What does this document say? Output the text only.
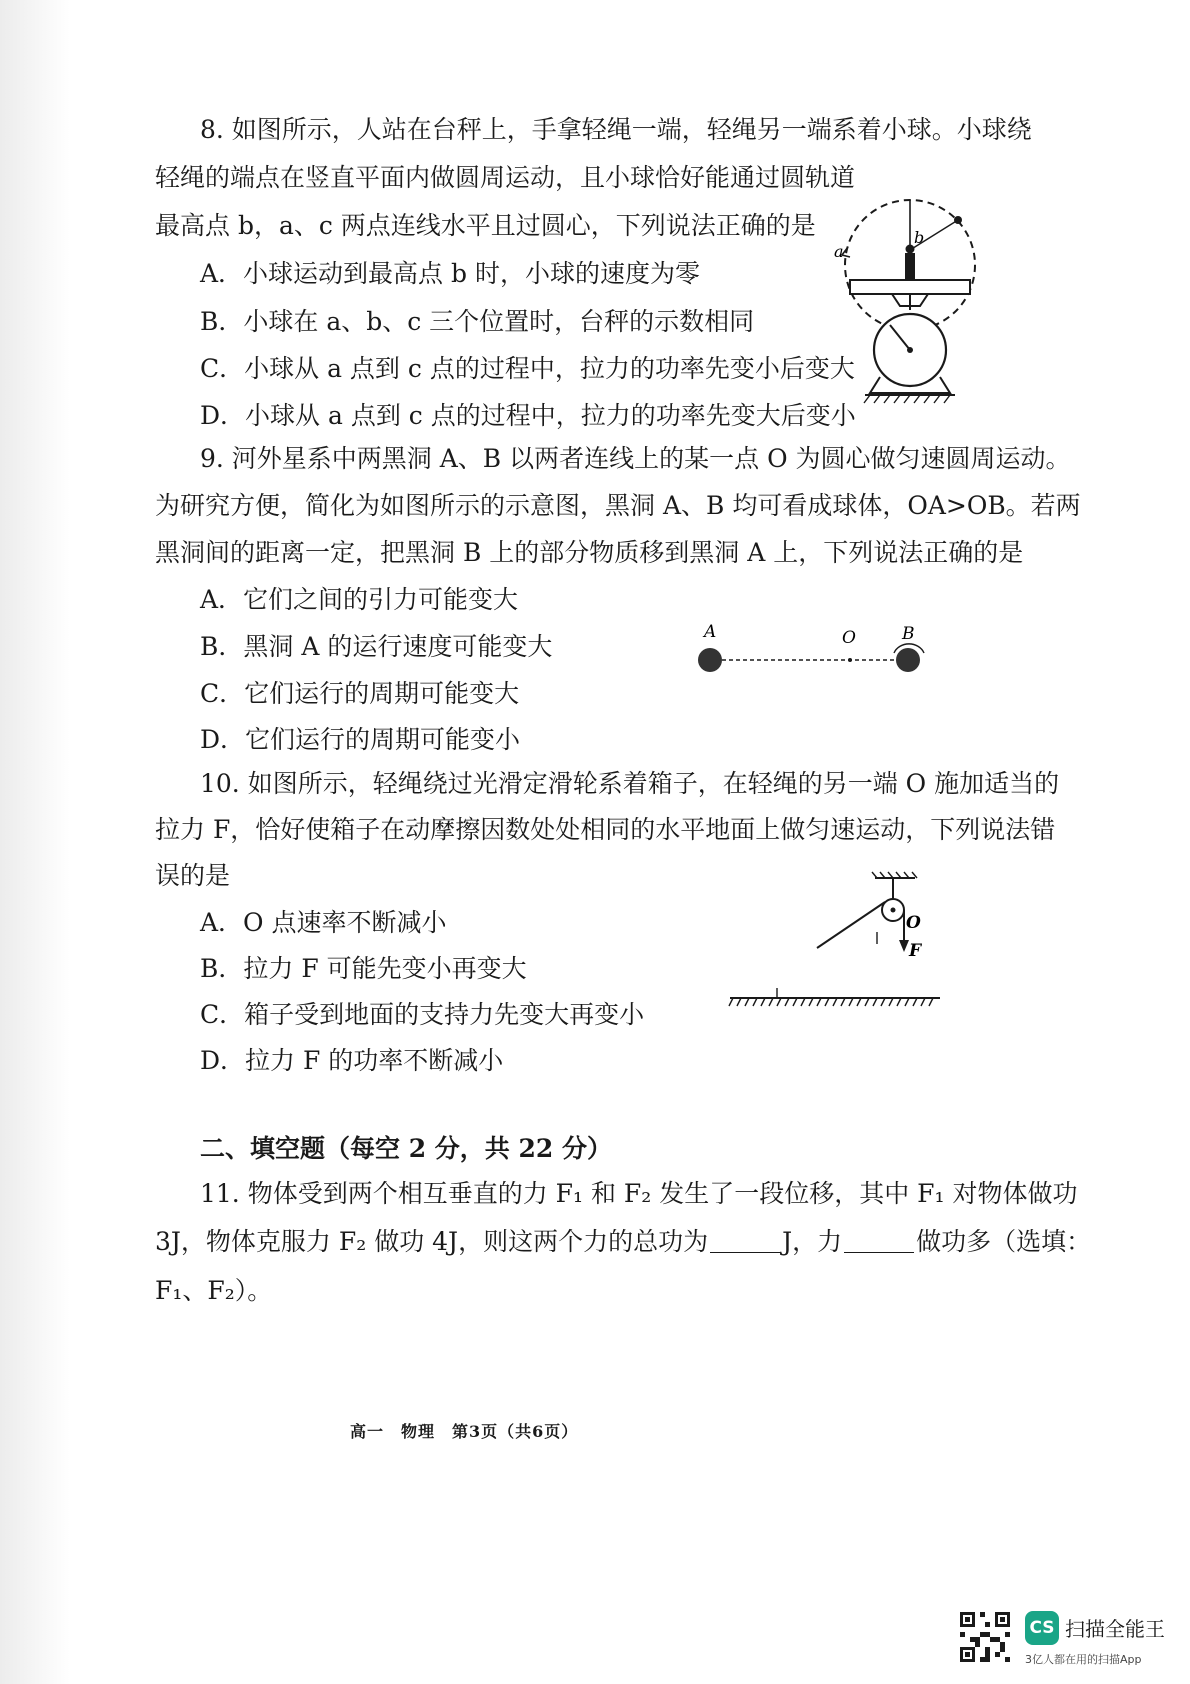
8. 如图所示，人站在台秤上，手拿轻绳一端，轻绳另一端系着小球。小球绕
轻绳的端点在竖直平面内做圆周运动，且小球恰好能通过圆轨道
最高点 b，a、c 两点连线水平且过圆心，下列说法正确的是
A．小球运动到最高点 b 时，小球的速度为零
B．小球在 a、b、c 三个位置时，台秤的示数相同
C．小球从 a 点到 c 点的过程中，拉力的功率先变小后变大
D．小球从 a 点到 c 点的过程中，拉力的功率先变大后变小
a
b
9. 河外星系中两黑洞 A、B 以两者连线上的某一点 O 为圆心做匀速圆周运动。
为研究方便，简化为如图所示的示意图，黑洞 A、B 均可看成球体，OA>OB。若两
黑洞间的距离一定，把黑洞 B 上的部分物质移到黑洞 A 上，下列说法正确的是
A．它们之间的引力可能变大
B．黑洞 A 的运行速度可能变大
C．它们运行的周期可能变大
D．它们运行的周期可能变小
A	O	B
10. 如图所示，轻绳绕过光滑定滑轮系着箱子，在轻绳的另一端 O 施加适当的
拉力 F，恰好使箱子在动摩擦因数处处相同的水平地面上做匀速运动，下列说法错
误的是
A．O 点速率不断减小
B．拉力 F 可能先变小再变大
C．箱子受到地面的支持力先变大再变小
D．拉力 F 的功率不断减小
O
F
二、填空题（每空 2 分，共 22 分）
11. 物体受到两个相互垂直的力 F₁ 和 F₂ 发生了一段位移，其中 F₁ 对物体做功
3J，物体克服力 F₂ 做功 4J，则这两个力的总功为	J，力	做功多（选填：
F₁、F₂）。
高一　物理　第3页（共6页）
CS 扫描全能王
3亿人都在用的扫描App
